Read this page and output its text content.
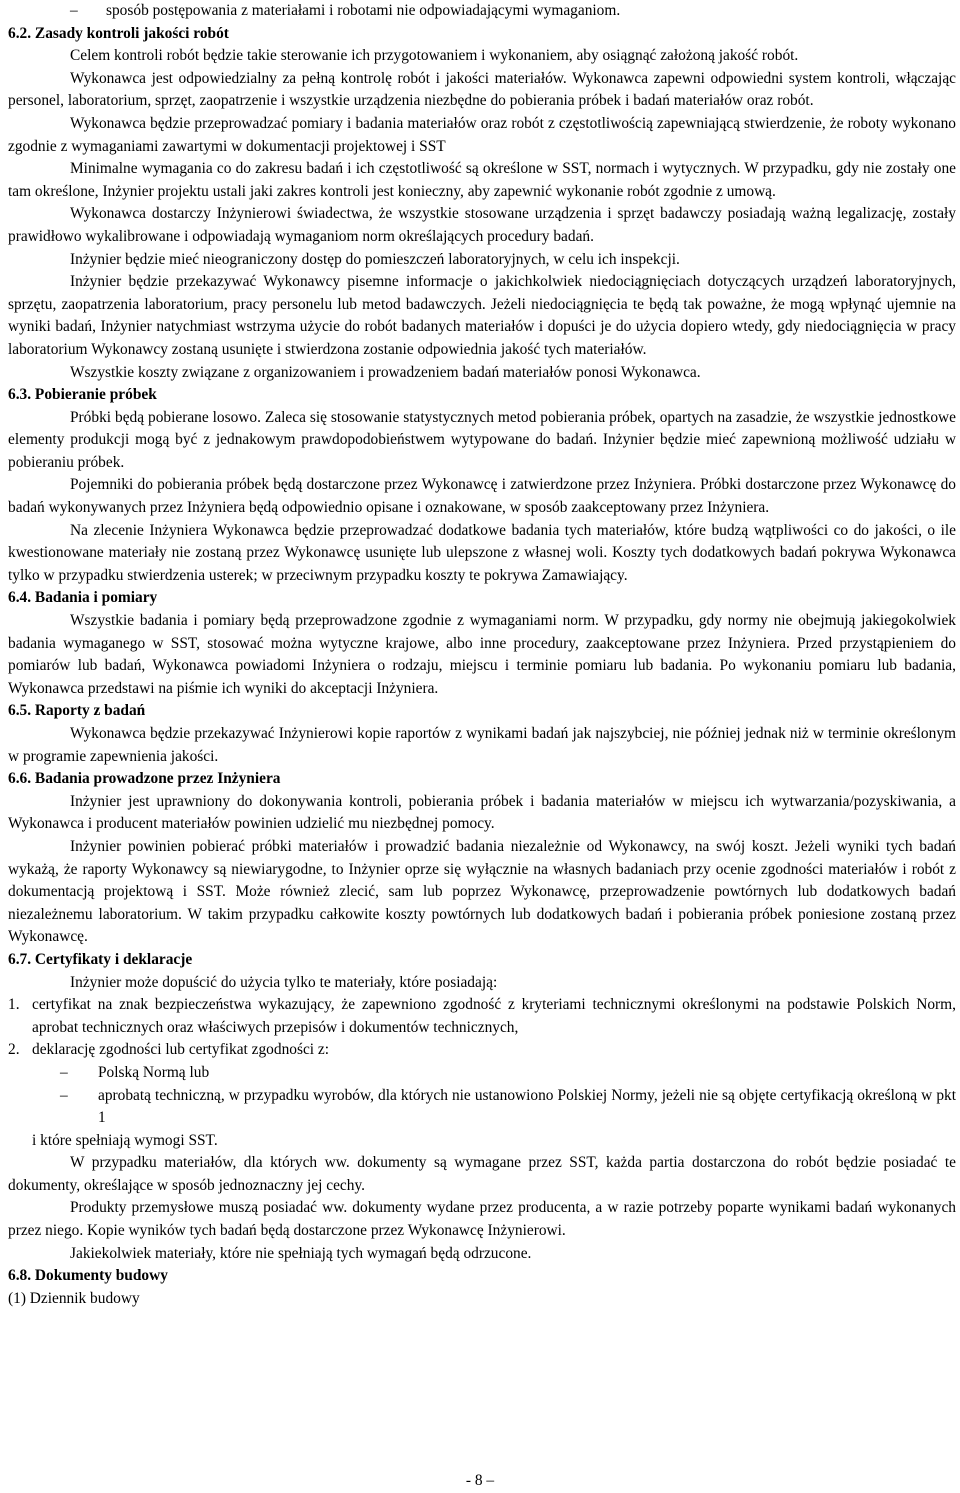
–	sposób postępowania z materiałami i robotami nie odpowiadającymi wymaganiom.

6.2. Zasady kontroli jakości robót

Celem kontroli robót będzie takie sterowanie ich przygotowaniem i wykonaniem, aby osiągnąć założoną jakość robót.

Wykonawca jest odpowiedzialny za pełną kontrolę robót i jakości materiałów. Wykonawca zapewni odpowiedni system kontroli, włączając personel, laboratorium, sprzęt, zaopatrzenie i wszystkie urządzenia niezbędne do pobierania próbek i badań materiałów oraz robót.

Wykonawca będzie przeprowadzać pomiary i badania materiałów oraz robót z częstotliwością zapewniającą stwierdzenie, że roboty wykonano zgodnie z wymaganiami zawartymi w dokumentacji projektowej i SST

Minimalne wymagania co do zakresu badań i ich częstotliwość są określone w SST, normach i wytycznych. W przypadku, gdy nie zostały one tam określone, Inżynier projektu ustali jaki zakres kontroli jest konieczny, aby zapewnić wykonanie robót zgodnie z umową.

Wykonawca dostarczy Inżynierowi świadectwa, że wszystkie stosowane urządzenia i sprzęt badawczy posiadają ważną legalizację, zostały prawidłowo wykalibrowane i odpowiadają wymaganiom norm określających procedury badań.

Inżynier będzie mieć nieograniczony dostęp do pomieszczeń laboratoryjnych, w celu ich inspekcji.

Inżynier będzie przekazywać Wykonawcy pisemne informacje o jakichkolwiek niedociągnięciach dotyczących urządzeń laboratoryjnych, sprzętu, zaopatrzenia laboratorium, pracy personelu lub metod badawczych. Jeżeli niedociągnięcia te będą tak poważne, że mogą wpłynąć ujemnie na wyniki badań, Inżynier natychmiast wstrzyma użycie do robót badanych materiałów i dopuści je do użycia dopiero wtedy, gdy niedociągnięcia w pracy laboratorium Wykonawcy zostaną usunięte i stwierdzona zostanie odpowiednia jakość tych materiałów.

Wszystkie koszty związane z organizowaniem i prowadzeniem badań materiałów ponosi Wykonawca.

6.3. Pobieranie próbek

Próbki będą pobierane losowo. Zaleca się stosowanie statystycznych metod pobierania próbek, opartych na zasadzie, że wszystkie jednostkowe elementy produkcji mogą być z jednakowym prawdopodobieństwem wytypowane do badań. Inżynier będzie mieć zapewnioną możliwość udziału w pobieraniu próbek.

Pojemniki do pobierania próbek będą dostarczone przez Wykonawcę i zatwierdzone przez Inżyniera. Próbki dostarczone przez Wykonawcę do badań wykonywanych przez Inżyniera będą odpowiednio opisane i oznakowane, w sposób zaakceptowany przez Inżyniera.

Na zlecenie Inżyniera Wykonawca będzie przeprowadzać dodatkowe badania tych materiałów, które budzą wątpliwości co do jakości, o ile kwestionowane materiały nie zostaną przez Wykonawcę usunięte lub ulepszone z własnej woli. Koszty tych dodatkowych badań pokrywa Wykonawca tylko w przypadku stwierdzenia usterek; w przeciwnym przypadku koszty te pokrywa Zamawiający.

6.4. Badania i pomiary

Wszystkie badania i pomiary będą przeprowadzone zgodnie z wymaganiami norm. W przypadku, gdy normy nie obejmują jakiegokolwiek badania wymaganego w SST, stosować można wytyczne krajowe, albo inne procedury, zaakceptowane przez Inżyniera. Przed przystąpieniem do pomiarów lub badań, Wykonawca powiadomi Inżyniera o rodzaju, miejscu i terminie pomiaru lub badania. Po wykonaniu pomiaru lub badania, Wykonawca przedstawi na piśmie ich wyniki do akceptacji Inżyniera.

6.5. Raporty z badań

Wykonawca będzie przekazywać Inżynierowi kopie raportów z wynikami badań jak najszybciej, nie później jednak niż w terminie określonym w programie zapewnienia jakości.

6.6. Badania prowadzone przez Inżyniera

Inżynier jest uprawniony do dokonywania kontroli, pobierania próbek i badania materiałów w miejscu ich wytwarzania/pozyskiwania, a Wykonawca i producent materiałów powinien udzielić mu niezbędnej pomocy.

Inżynier powinien pobierać próbki materiałów i prowadzić badania niezależnie od Wykonawcy, na swój koszt. Jeżeli wyniki tych badań wykażą, że raporty Wykonawcy są niewiarygodne, to Inżynier oprze się wyłącznie na własnych badaniach przy ocenie zgodności materiałów i robót z dokumentacją projektową i SST. Może również zlecić, sam lub poprzez Wykonawcę, przeprowadzenie powtórnych lub dodatkowych badań niezależnemu laboratorium. W takim przypadku całkowite koszty powtórnych lub dodatkowych badań i pobierania próbek poniesione zostaną przez Wykonawcę.

6.7. Certyfikaty i deklaracje

Inżynier może dopuścić do użycia tylko te materiały, które posiadają:

1. certyfikat na znak bezpieczeństwa wykazujący, że zapewniono zgodność z kryteriami technicznymi określonymi na podstawie Polskich Norm, aprobat technicznych oraz właściwych przepisów i dokumentów technicznych,
2. deklarację zgodności lub certyfikat zgodności z:
–	Polską Normą lub
–	aprobatą techniczną, w przypadku wyrobów, dla których nie ustanowiono Polskiej Normy, jeżeli nie są objęte certyfikacją określoną w pkt 1

i które spełniają wymogi SST.

W przypadku materiałów, dla których ww. dokumenty są wymagane przez SST, każda partia dostarczona do robót będzie posiadać te dokumenty, określające w sposób jednoznaczny jej cechy.

Produkty przemysłowe muszą posiadać ww. dokumenty wydane przez producenta, a w razie potrzeby poparte wynikami badań wykonanych przez niego. Kopie wyników tych badań będą dostarczone przez Wykonawcę Inżynierowi.

Jakiekolwiek materiały, które nie spełniają tych wymagań będą odrzucone.

6.8. Dokumenty budowy

(1) Dziennik budowy

- 8 –
